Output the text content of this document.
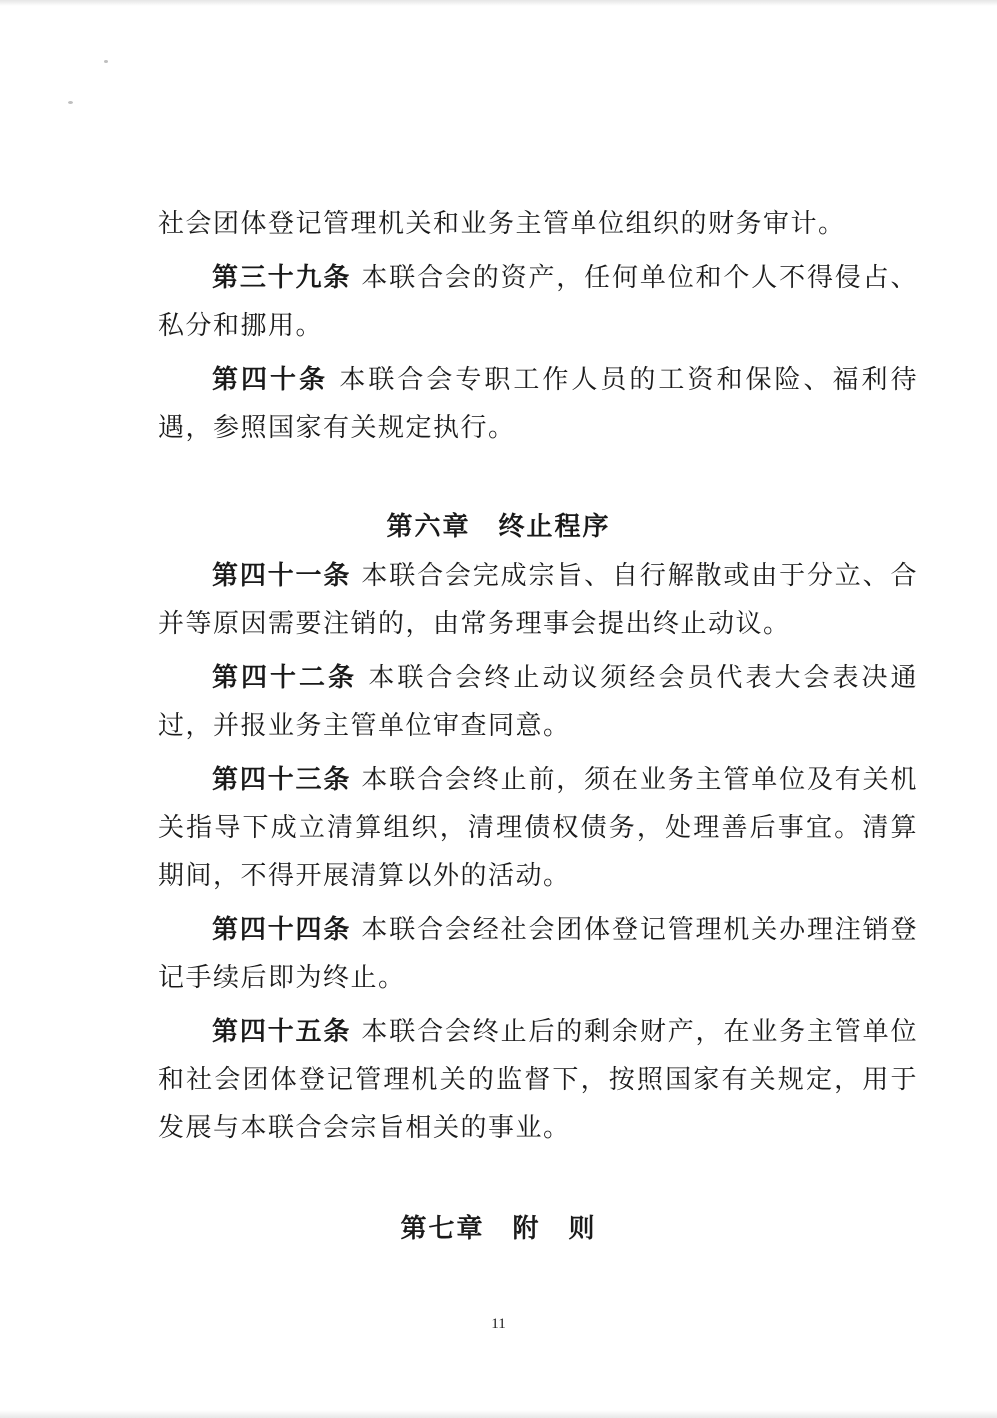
社会团体登记管理机关和业务主管单位组织的财务审计。

第三十九条 本联合会的资产，任何单位和个人不得侵占、私分和挪用。

第四十条 本联合会专职工作人员的工资和保险、福利待遇，参照国家有关规定执行。

第六章　终止程序

第四十一条 本联合会完成宗旨、自行解散或由于分立、合并等原因需要注销的，由常务理事会提出终止动议。

第四十二条 本联合会终止动议须经会员代表大会表决通过，并报业务主管单位审查同意。

第四十三条 本联合会终止前，须在业务主管单位及有关机关指导下成立清算组织，清理债权债务，处理善后事宜。清算期间，不得开展清算以外的活动。

第四十四条 本联合会经社会团体登记管理机关办理注销登记手续后即为终止。

第四十五条 本联合会终止后的剩余财产，在业务主管单位和社会团体登记管理机关的监督下，按照国家有关规定，用于发展与本联合会宗旨相关的事业。

第七章　附　则
11
